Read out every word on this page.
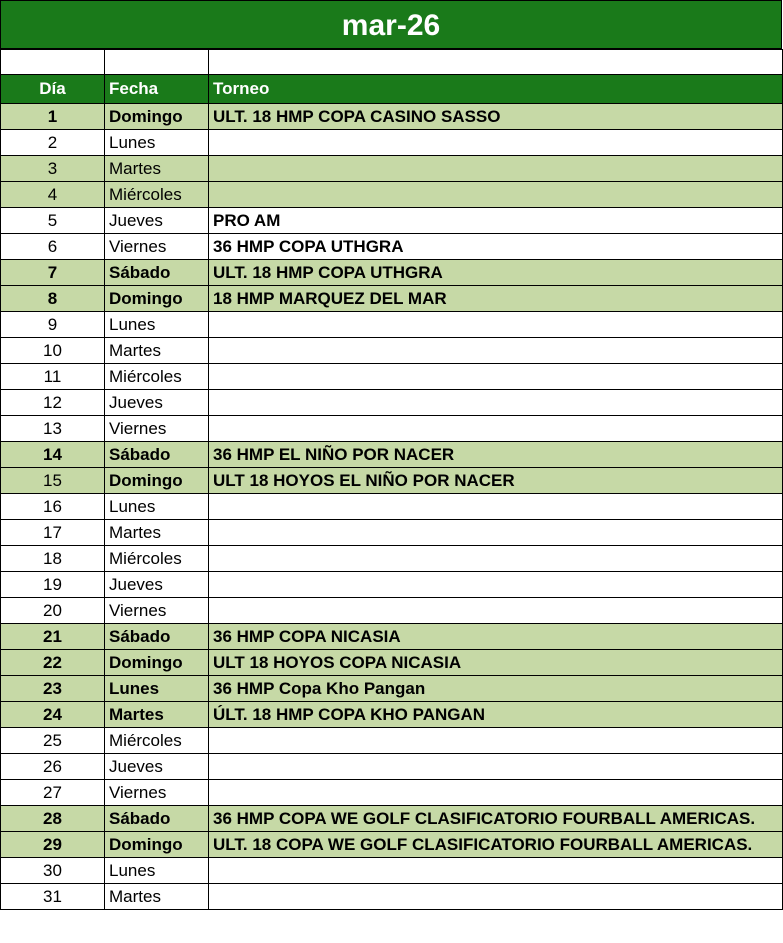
mar-26

Día	Fecha	Torneo
1	Domingo	ULT. 18 HMP COPA CASINO SASSO
2	Lunes	
3	Martes	
4	Miércoles	
5	Jueves	PRO AM
6	Viernes	36 HMP COPA UTHGRA
7	Sábado	ULT. 18 HMP COPA UTHGRA
8	Domingo	18 HMP MARQUEZ DEL MAR
9	Lunes	
10	Martes	
11	Miércoles	
12	Jueves	
13	Viernes	
14	Sábado	36 HMP EL NIÑO POR NACER
15	Domingo	ULT 18 HOYOS EL NIÑO POR NACER
16	Lunes	
17	Martes	
18	Miércoles	
19	Jueves	
20	Viernes	
21	Sábado	36 HMP COPA NICASIA
22	Domingo	ULT 18 HOYOS COPA NICASIA
23	Lunes	36 HMP Copa Kho Pangan
24	Martes	ÚLT. 18 HMP COPA KHO PANGAN
25	Miércoles	
26	Jueves	
27	Viernes	
28	Sábado	36 HMP COPA WE GOLF CLASIFICATORIO FOURBALL AMERICAS.
29	Domingo	ULT. 18 COPA WE GOLF CLASIFICATORIO FOURBALL AMERICAS.
30	Lunes	
31	Martes	
